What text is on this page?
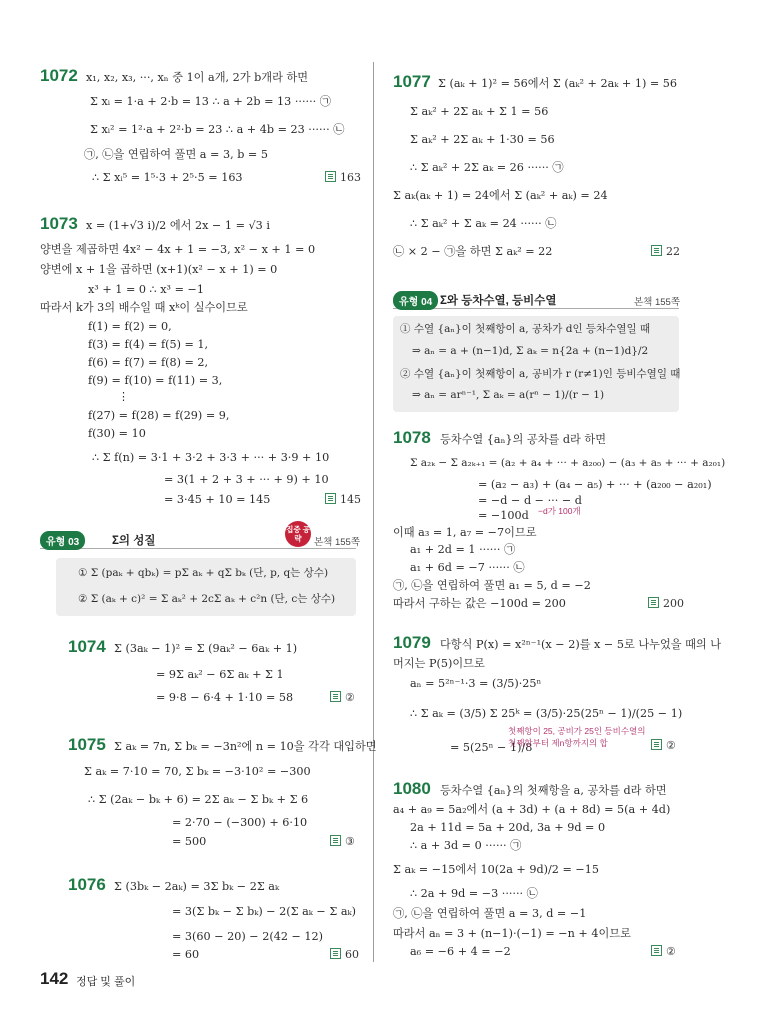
1072 x₁, x₂, x₃, ···, xₙ 중 1이 a개, 2가 b개라 하면
Σ xᵢ = 1·a + 2·b = 13 ∴ a + 2b = 13 ······ ㉠
Σ xᵢ² = 1²·a + 2²·b = 23 ∴ a + 4b = 23 ······ ㉡
㉠, ㉡을 연립하여 풀면 a = 3, b = 5
∴ Σ xᵢ⁵ = 1⁵·3 + 2⁵·5 = 163	163
1073 x = (1+√3 i)/2 에서 2x − 1 = √3 i
양변을 제곱하면 4x² − 4x + 1 = −3, x² − x + 1 = 0
양변에 x + 1을 곱하면 (x+1)(x² − x + 1) = 0
x³ + 1 = 0 ∴ x³ = −1
따라서 k가 3의 배수일 때 xᵏ이 실수이므로
f(1) = f(2) = 0,
f(3) = f(4) = f(5) = 1,
f(6) = f(7) = f(8) = 2,
f(9) = f(10) = f(11) = 3,
⋮
f(27) = f(28) = f(29) = 9,
f(30) = 10
∴ Σ f(n) = 3·1 + 3·2 + 3·3 + ··· + 3·9 + 10
= 3(1 + 2 + 3 + ··· + 9) + 10
= 3·45 + 10 = 145	145
유형 03	Σ의 성질
집중 공략	본책 155쪽
① Σ (paₖ + qbₖ) = pΣ aₖ + qΣ bₖ (단, p, q는 상수)
② Σ (aₖ + c)² = Σ aₖ² + 2cΣ aₖ + c²n (단, c는 상수)
1074 Σ (3aₖ − 1)² = Σ (9aₖ² − 6aₖ + 1)
= 9Σ aₖ² − 6Σ aₖ + Σ 1
= 9·8 − 6·4 + 1·10 = 58	②
1075 Σ aₖ = 7n, Σ bₖ = −3n²에 n = 10을 각각 대입하면
Σ aₖ = 7·10 = 70, Σ bₖ = −3·10² = −300
∴ Σ (2aₖ − bₖ + 6) = 2Σ aₖ − Σ bₖ + Σ 6
= 2·70 − (−300) + 6·10
= 500	③
1076 Σ (3bₖ − 2aₖ) = 3Σ bₖ − 2Σ aₖ
= 3(Σ bₖ − Σ bₖ) − 2(Σ aₖ − Σ aₖ)
= 3(60 − 20) − 2(42 − 12)
= 60	60
1077 Σ (aₖ + 1)² = 56에서 Σ (aₖ² + 2aₖ + 1) = 56
Σ aₖ² + 2Σ aₖ + Σ 1 = 56
Σ aₖ² + 2Σ aₖ + 1·30 = 56
∴ Σ aₖ² + 2Σ aₖ = 26 ······ ㉠
Σ aₖ(aₖ + 1) = 24에서 Σ (aₖ² + aₖ) = 24
∴ Σ aₖ² + Σ aₖ = 24 ······ ㉡
㉡ × 2 − ㉠을 하면 Σ aₖ² = 22	22
유형 04 Σ와 등차수열, 등비수열	본책 155쪽
① 수열 {aₙ}이 첫째항이 a, 공차가 d인 등차수열일 때
⇒ aₙ = a + (n−1)d, Σ aₖ = n{2a + (n−1)d}/2
② 수열 {aₙ}이 첫째항이 a, 공비가 r (r≠1)인 등비수열일 때
⇒ aₙ = arⁿ⁻¹, Σ aₖ = a(rⁿ − 1)/(r − 1)
1078 등차수열 {aₙ}의 공차를 d라 하면
Σ a₂ₖ − Σ a₂ₖ₊₁ = (a₂ + a₄ + ··· + a₂₀₀) − (a₃ + a₅ + ··· + a₂₀₁)
= (a₂ − a₃) + (a₄ − a₅) + ··· + (a₂₀₀ − a₂₀₁)
= −d − d − ··· − d
= −100d −d가 100개
이때 a₃ = 1, a₇ = −7이므로
a₁ + 2d = 1 ······ ㉠
a₁ + 6d = −7 ······ ㉡
㉠, ㉡을 연립하여 풀면 a₁ = 5, d = −2
따라서 구하는 값은 −100d = 200	200
1079 다항식 P(x) = x²ⁿ⁻¹(x − 2)를 x − 5로 나누었을 때의 나
머지는 P(5)이므로
aₙ = 5²ⁿ⁻¹·3 = (3/5)·25ⁿ
∴ Σ aₖ = (3/5) Σ 25ᵏ = (3/5)·25(25ⁿ − 1)/(25 − 1)
= 5(25ⁿ − 1)/8
첫째항이 25, 공비가 25인 등비수열의
첫째항부터 제n항까지의 합	②
1080 등차수열 {aₙ}의 첫째항을 a, 공차를 d라 하면
a₄ + a₉ = 5a₂에서 (a + 3d) + (a + 8d) = 5(a + 4d)
2a + 11d = 5a + 20d, 3a + 9d = 0
∴ a + 3d = 0 ······ ㉠
Σ aₖ = −15에서 10(2a + 9d)/2 = −15
∴ 2a + 9d = −3 ······ ㉡
㉠, ㉡을 연립하여 풀면 a = 3, d = −1
따라서 aₙ = 3 + (n−1)·(−1) = −n + 4이므로
a₆ = −6 + 4 = −2	②
142 정답 및 풀이
